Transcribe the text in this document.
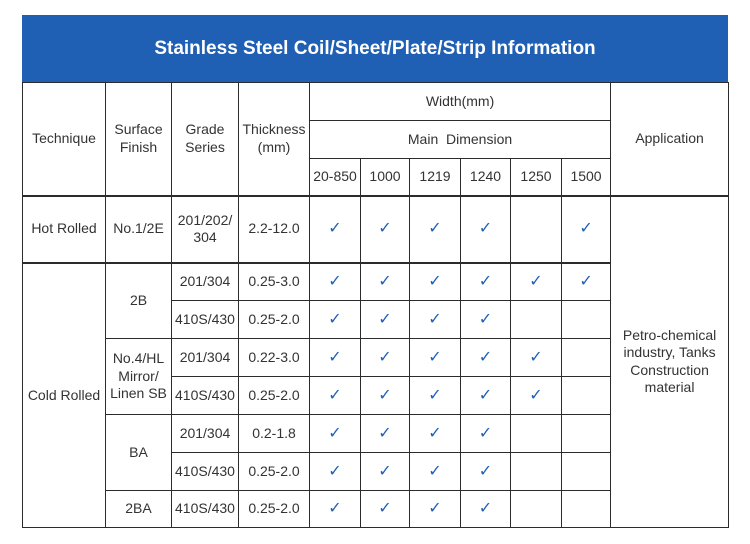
Stainless Steel Coil/Sheet/Plate/Strip Information
Technique	Surface Finish	Grade Series	Thickness (mm)	Width(mm)						Application
				Main  Dimension						
				20-850	1000	1219	1240	1250	1500	
Hot Rolled	No.1/2E	201/202/ 304	2.2-12.0	✓	✓	✓	✓		✓	Petro-chemical industry, Tanks Construction material
Cold Rolled	2B	201/304	0.25-3.0	✓	✓	✓	✓	✓	✓	
		410S/430	0.25-2.0	✓	✓	✓	✓			
	No.4/HL Mirror/ Linen SB	201/304	0.22-3.0	✓	✓	✓	✓	✓		
		410S/430	0.25-2.0	✓	✓	✓	✓	✓		
	BA	201/304	0.2-1.8	✓	✓	✓	✓			
		410S/430	0.25-2.0	✓	✓	✓	✓			
	2BA	410S/430	0.25-2.0	✓	✓	✓	✓			
